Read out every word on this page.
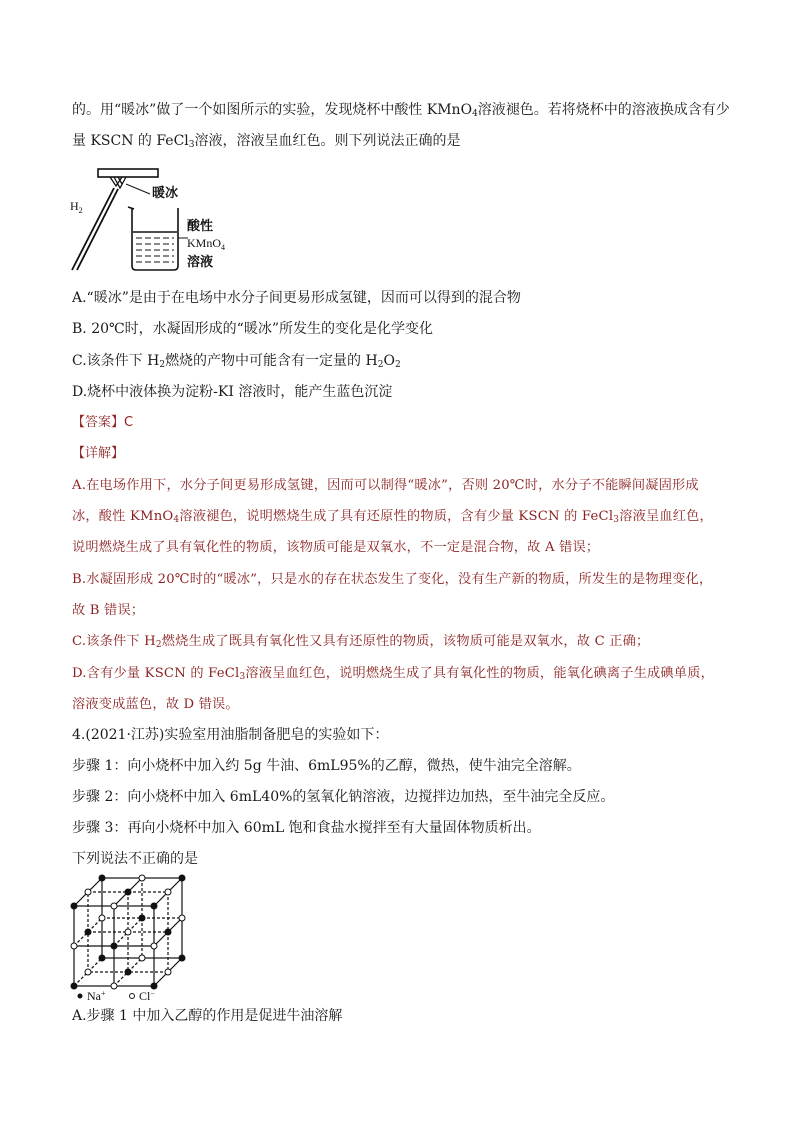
的。用“暖冰”做了一个如图所示的实验，发现烧杯中酸性 KMnO$_4$溶液褪色。若将烧杯中的溶液换成含有少
量 KSCN 的 FeCl$_3$溶液，溶液呈血红色。则下列说法正确的是
暖冰
$H_2$
酸性
KMnO$_4$
溶液
A.“暖冰”是由于在电场中水分子间更易形成氢键，因而可以得到的混合物
B. 20℃时，水凝固形成的“暖冰”所发生的变化是化学变化
C.该条件下 $H_2$燃烧的产物中可能含有一定量的 $H_2O_2$
D.烧杯中液体换为淀粉-KI 溶液时，能产生蓝色沉淀
【答案】C
【详解】
A.在电场作用下，水分子间更易形成氢键，因而可以制得“暖冰”，否则 20℃时，水分子不能瞬间凝固形成
冰，酸性 KMnO$_4$溶液褪色，说明燃烧生成了具有还原性的物质，含有少量 KSCN 的 FeCl$_3$溶液呈血红色，
说明燃烧生成了具有氧化性的物质，该物质可能是双氧水，不一定是混合物，故 A 错误；
B.水凝固形成 20℃时的“暖冰”，只是水的存在状态发生了变化，没有生产新的物质，所发生的是物理变化，
故 B 错误；
C.该条件下 $H_2$燃烧生成了既具有氧化性又具有还原性的物质，该物质可能是双氧水，故 C 正确；
D.含有少量 KSCN 的 FeCl$_3$溶液呈血红色，说明燃烧生成了具有氧化性的物质，能氧化碘离子生成碘单质，
溶液变成蓝色，故 D 错误。
4.(2021·江苏)实验室用油脂制备肥皂的实验如下：
步骤 1：向小烧杯中加入约 5g 牛油、6mL95%的乙醇，微热，使牛油完全溶解。
步骤 2：向小烧杯中加入 6mL40%的氢氧化钠溶液，边搅拌边加热，至牛油完全反应。
步骤 3：再向小烧杯中加入 60mL 饱和食盐水搅拌至有大量固体物质析出。
下列说法不正确的是
Na+	Cl−
A.步骤 1 中加入乙醇的作用是促进牛油溶解
